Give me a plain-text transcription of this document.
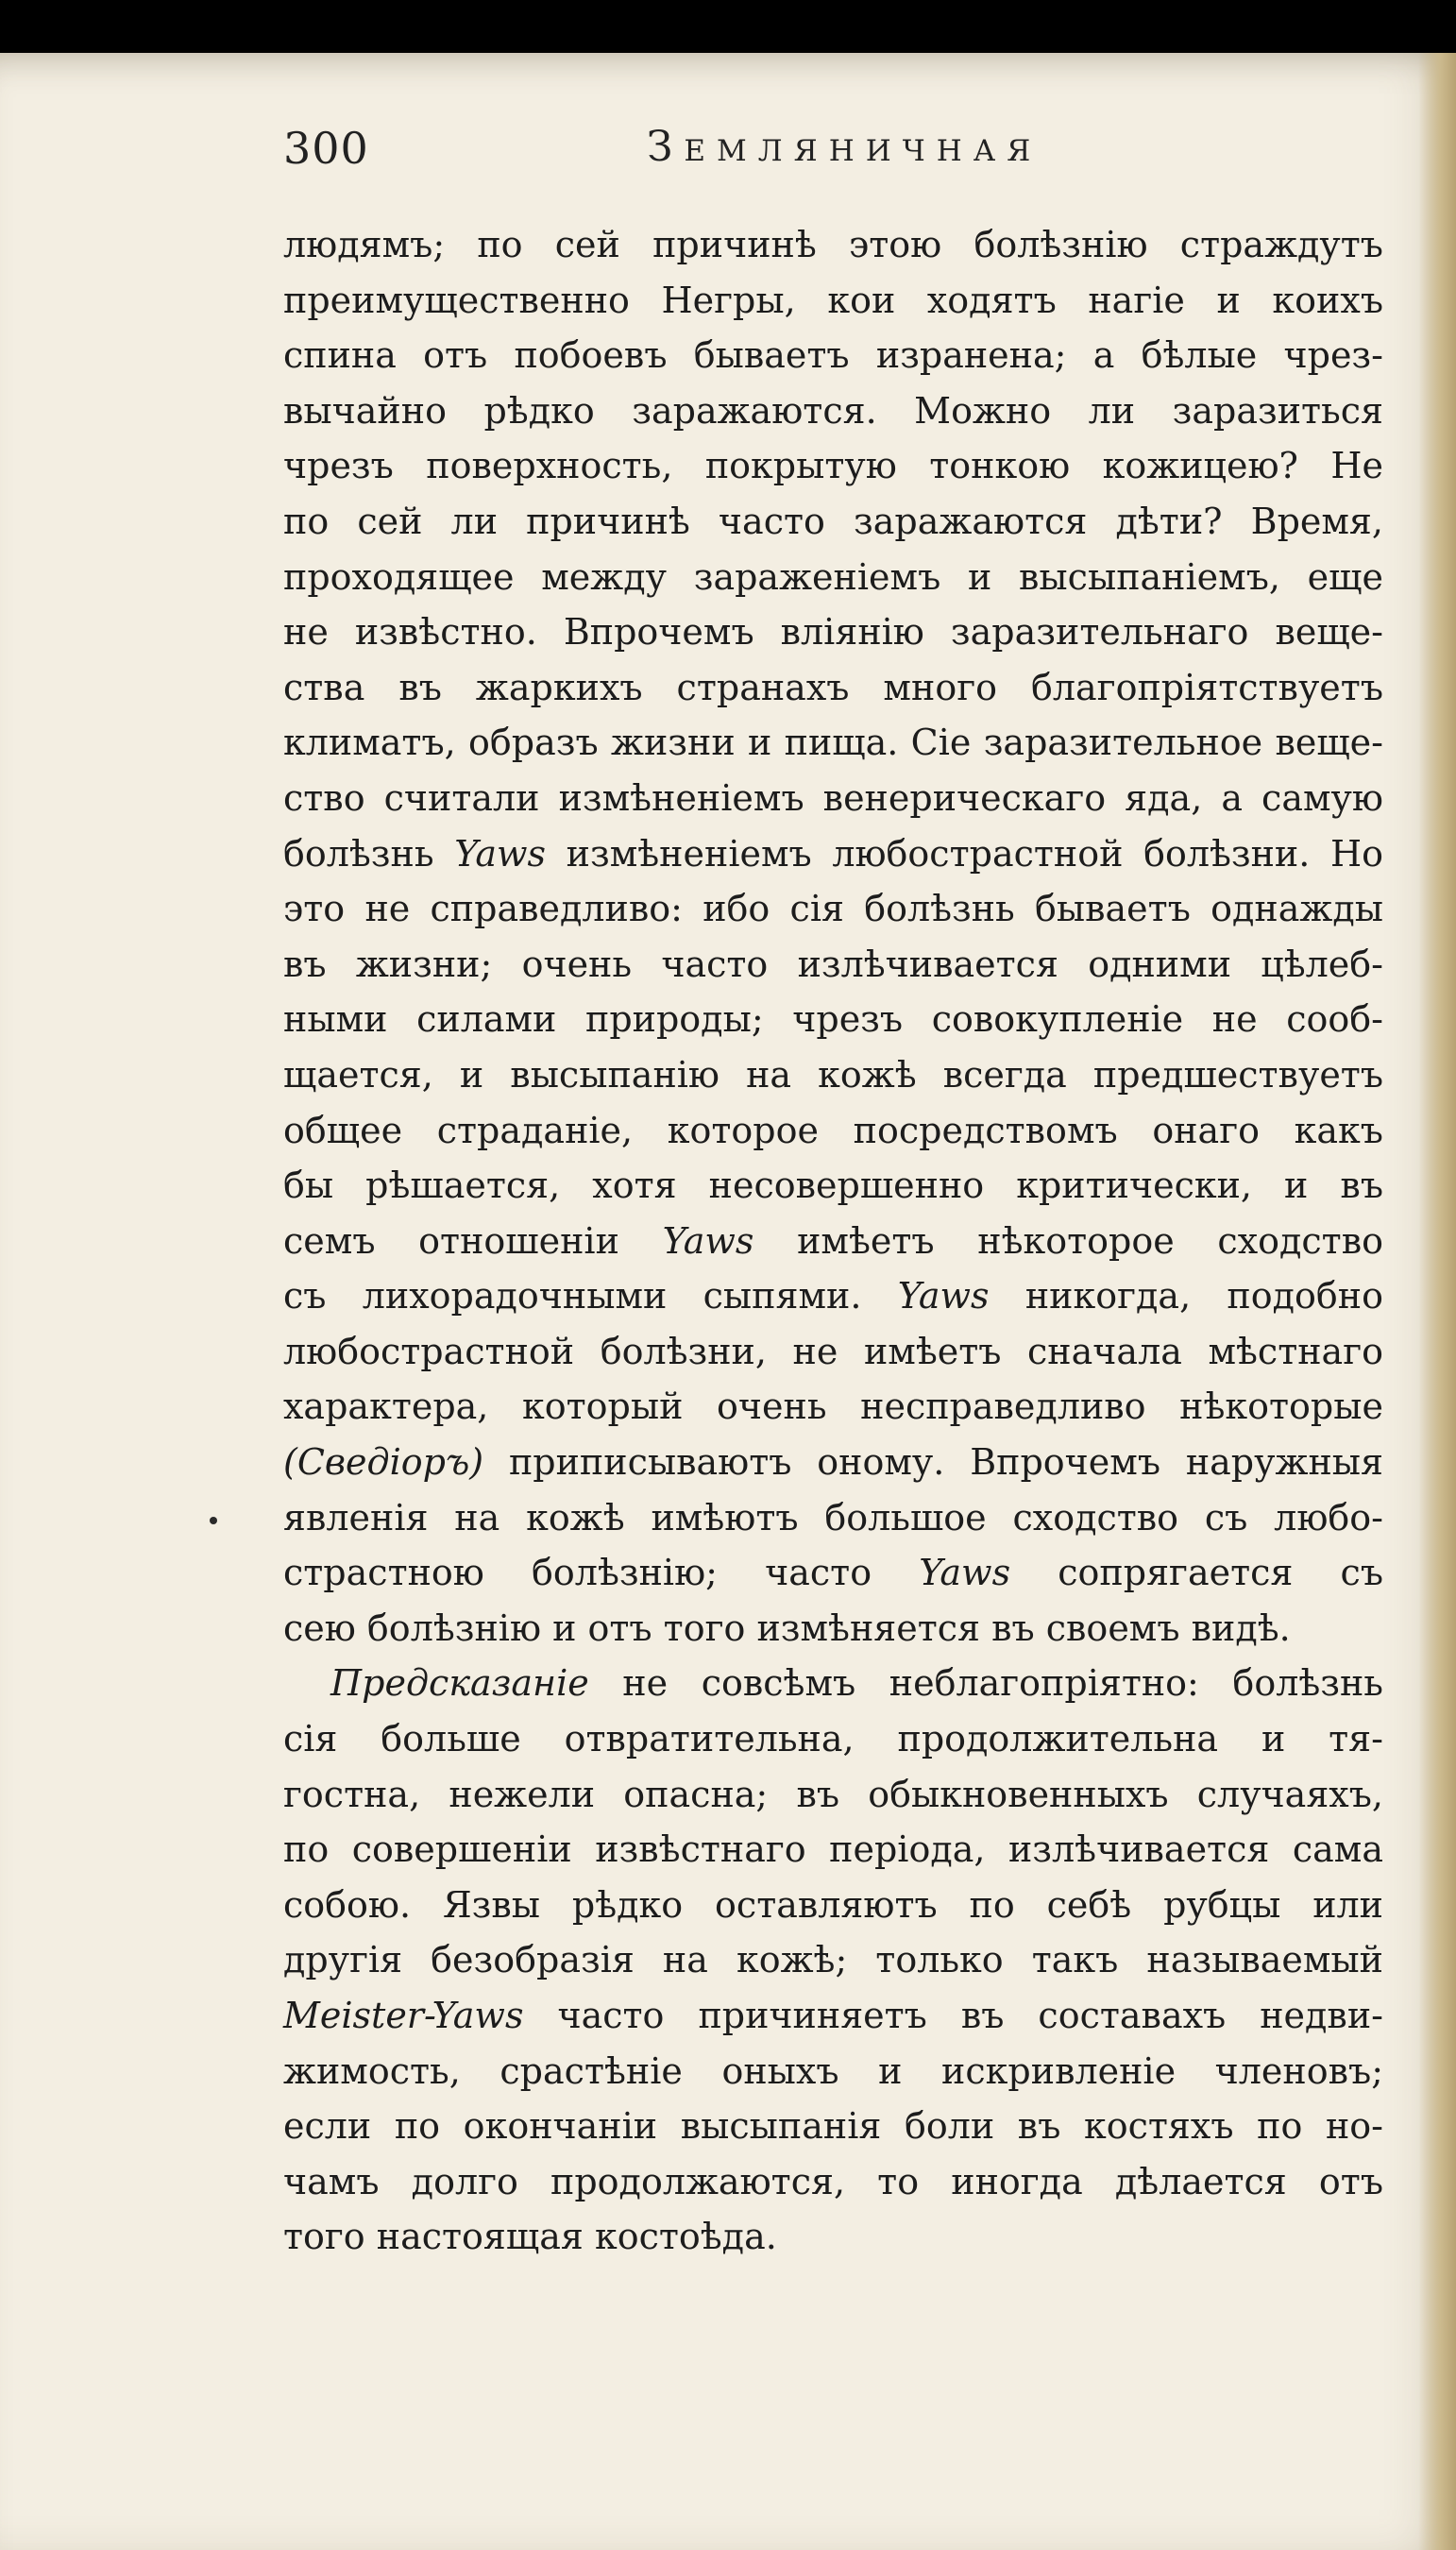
300	Земляничная
людямъ; по сей причинѣ этою болѣзнію страждутъ
преимущественно Негры, кои ходятъ нагіе и коихъ
спина отъ побоевъ бываетъ изранена; а бѣлые чрез-
вычайно рѣдко заражаются. Можно ли заразиться
чрезъ поверхность, покрытую тонкою кожицею? Не
по сей ли причинѣ часто заражаются дѣти? Время,
проходящее между зараженіемъ и высыпаніемъ, еще
не извѣстно. Впрочемъ вліянію заразительнаго веще-
ства въ жаркихъ странахъ много благопріятствуетъ
климатъ, образъ жизни и пища. Сіе заразительное веще-
ство считали измѣненіемъ венерическаго яда, а самую
болѣзнь Yaws измѣненіемъ любострастной болѣзни. Но
это не справедливо: ибо сія болѣзнь бываетъ однажды
въ жизни; очень часто излѣчивается одними цѣлеб-
ными силами природы; чрезъ совокупленіе не сооб-
щается, и высыпанію на кожѣ всегда предшествуетъ
общее страданіе, которое посредствомъ онаго какъ
бы рѣшается, хотя несовершенно критически, и въ
семъ отношеніи Yaws имѣетъ нѣкоторое сходство
съ лихорадочными сыпями. Yaws никогда, подобно
любострастной болѣзни, не имѣетъ сначала мѣстнаго
характера, который очень несправедливо нѣкоторые
(Сведіоръ) приписываютъ оному. Впрочемъ наружныя
явленія на кожѣ имѣютъ большое сходство съ любо-
страстною болѣзнію; часто Yaws сопрягается съ
сею болѣзнію и отъ того измѣняется въ своемъ видѣ.
Предсказаніе не совсѣмъ неблагопріятно: болѣзнь
сія больше отвратительна, продолжительна и тя-
гостна, нежели опасна; въ обыкновенныхъ случаяхъ,
по совершеніи извѣстнаго періода, излѣчивается сама
собою. Язвы рѣдко оставляютъ по себѣ рубцы или
другія безобразія на кожѣ; только такъ называемый
Meister-Yaws часто причиняетъ въ составахъ недви-
жимость, срастѣніе оныхъ и искривленіе членовъ;
если по окончаніи высыпанія боли въ костяхъ по но-
чамъ долго продолжаются, то иногда дѣлается отъ
того настоящая костоѣда.
